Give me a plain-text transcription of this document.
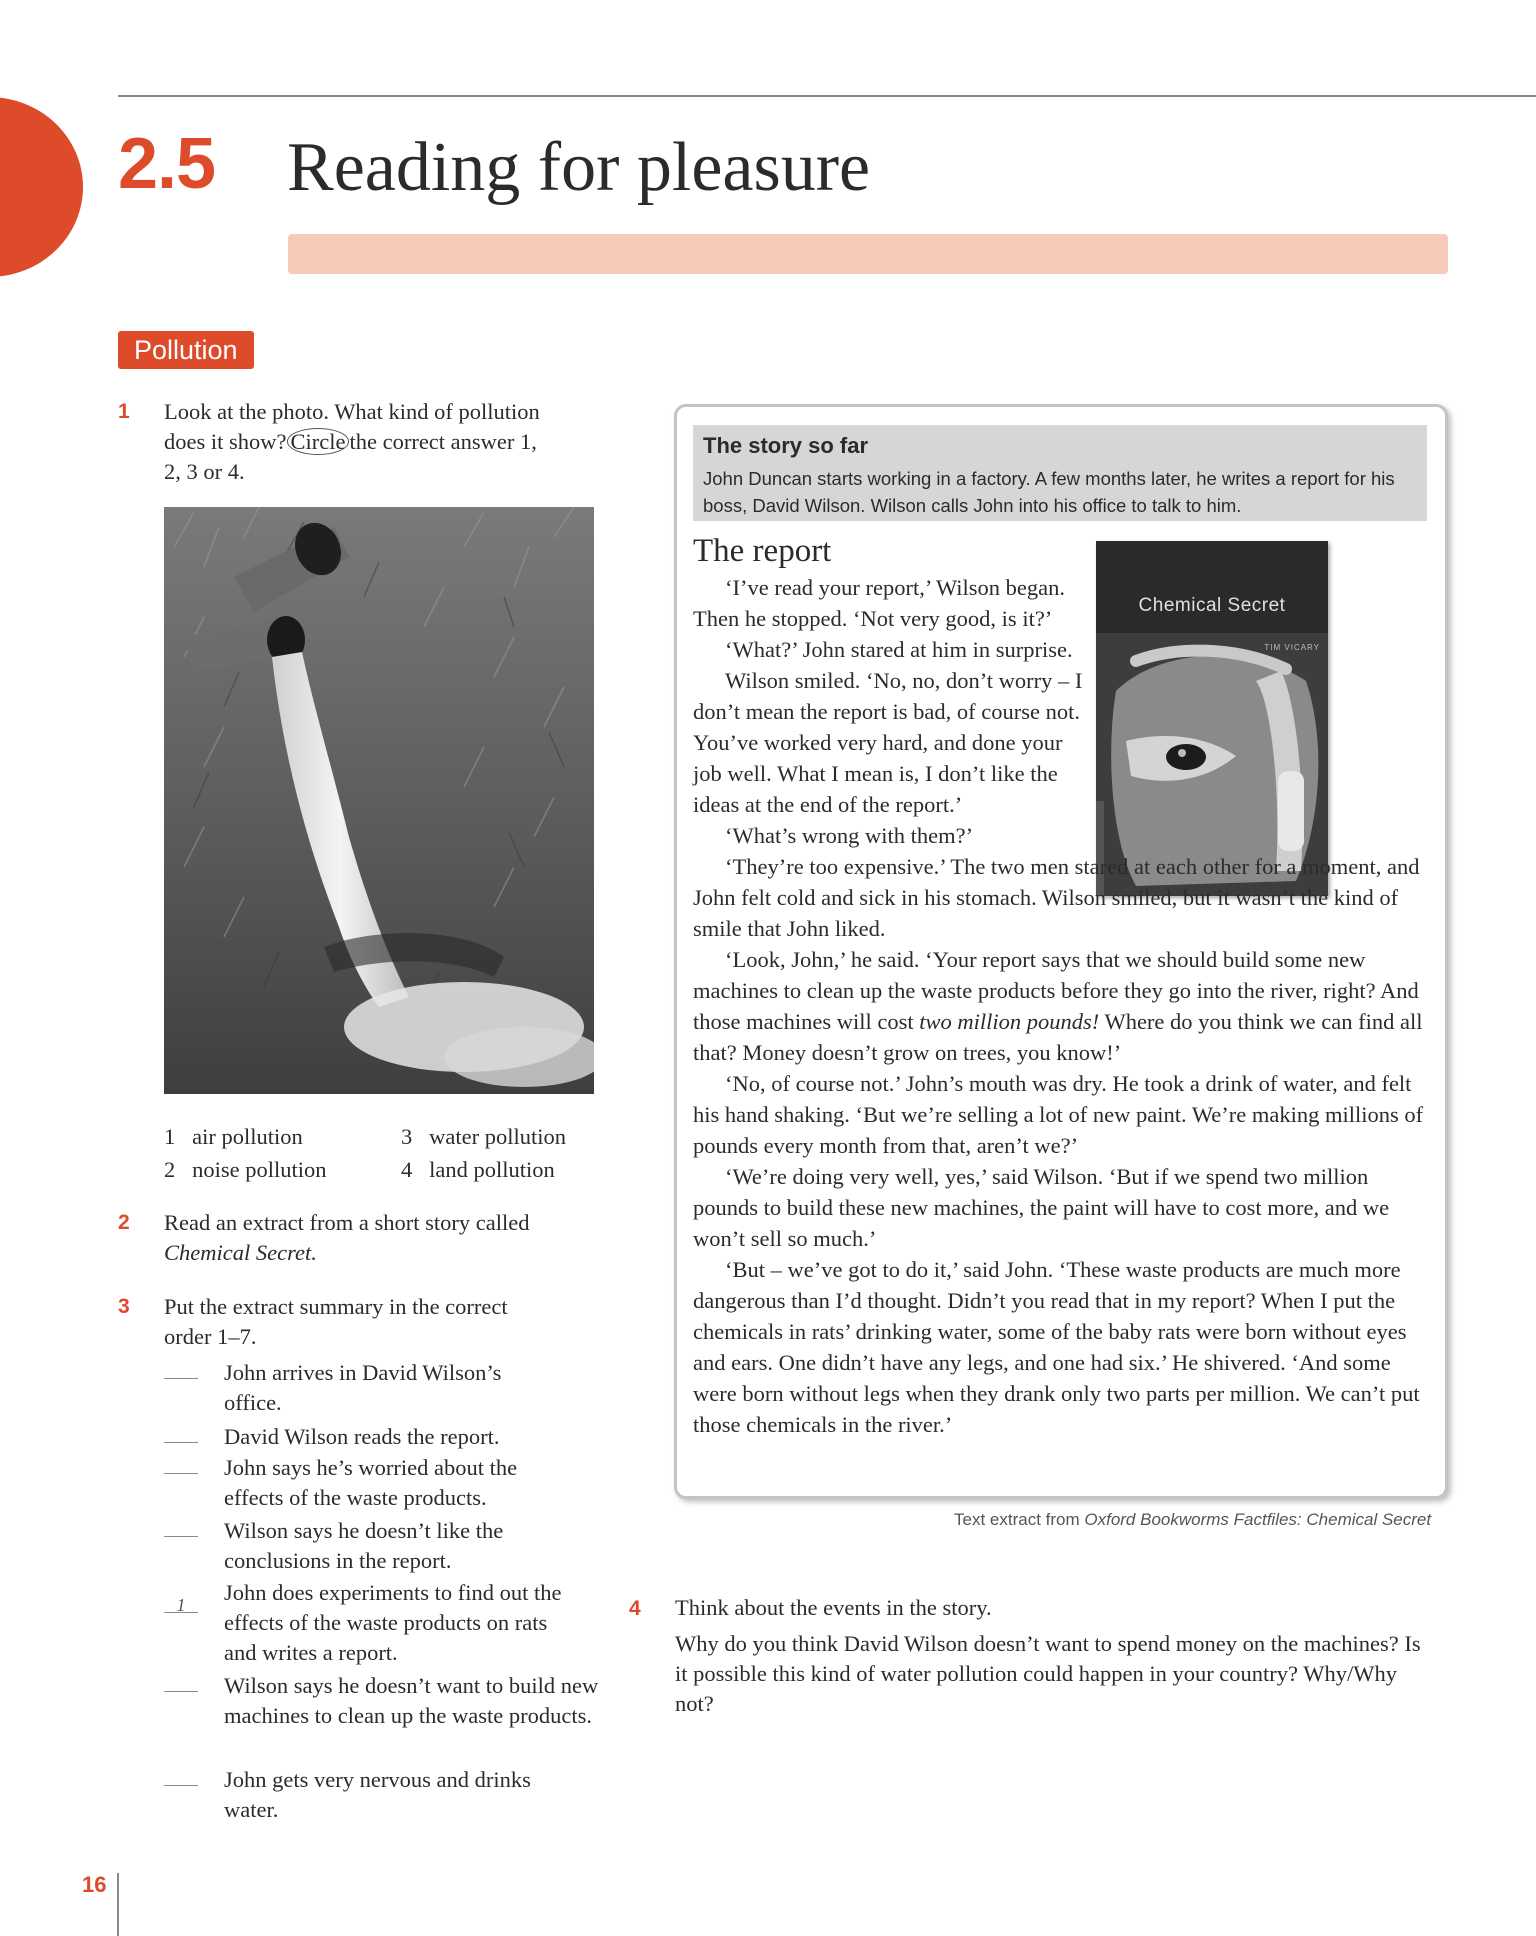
2.5 Reading for pleasure
Pollution
1 Look at the photo. What kind of pollution
does it show? Circle the correct answer 1,
2, 3 or 4.
1 air pollution
2 noise pollution
3 water pollution
4 land pollution
2 Read an extract from a short story called
Chemical Secret.
3 Put the extract summary in the correct
order 1–7.
John arrives in David Wilson’s office.
David Wilson reads the report.
John says he’s worried about the effects of the waste products.
Wilson says he doesn’t like the conclusions in the report.
1	John does experiments to find out the effects of the waste products on rats and writes a report.
Wilson says he doesn’t want to build new machines to clean up the waste products.
John gets very nervous and drinks water.
The story so far
John Duncan starts working in a factory. A few months later, he writes a report for his boss, David Wilson. Wilson calls John into his office to talk to him.
The report
Chemical Secret
TIM VICARY

‘I’ve read your report,’ Wilson began. Then he stopped. ‘Not very good, is it?’

‘What?’ John stared at him in surprise.

Wilson smiled. ‘No, no, don’t worry – I don’t mean the report is bad, of course not. You’ve worked very hard, and done your job well. What I mean is, I don’t like the ideas at the end of the report.’

‘What’s wrong with them?’

‘They’re too expensive.’ The two men stared at each other for a moment, and John felt cold and sick in his stomach. Wilson smiled, but it wasn’t the kind of smile that John liked.

‘Look, John,’ he said. ‘Your report says that we should build some new machines to clean up the waste products before they go into the river, right? And those machines will cost two million pounds! Where do you think we can find all that? Money doesn’t grow on trees, you know!’

‘No, of course not.’ John’s mouth was dry. He took a drink of water, and felt his hand shaking. ‘But we’re selling a lot of new paint. We’re making millions of pounds every month from that, aren’t we?’

‘We’re doing very well, yes,’ said Wilson. ‘But if we spend two million pounds to build these new machines, the paint will have to cost more, and we won’t sell so much.’

‘But – we’ve got to do it,’ said John. ‘These waste products are much more dangerous than I’d thought. Didn’t you read that in my report? When I put the chemicals in rats’ drinking water, some of the baby rats were born without eyes and ears. One didn’t have any legs, and one had six.’ He shivered. ‘And some were born without legs when they drank only two parts per million. We can’t put those chemicals in the river.’

Text extract from Oxford Bookworms Factfiles: Chemical Secret
4 Think about the events in the story.
Why do you think David Wilson doesn’t want to spend money on the machines? Is it possible this kind of water pollution could happen in your country? Why/Why not?
16
